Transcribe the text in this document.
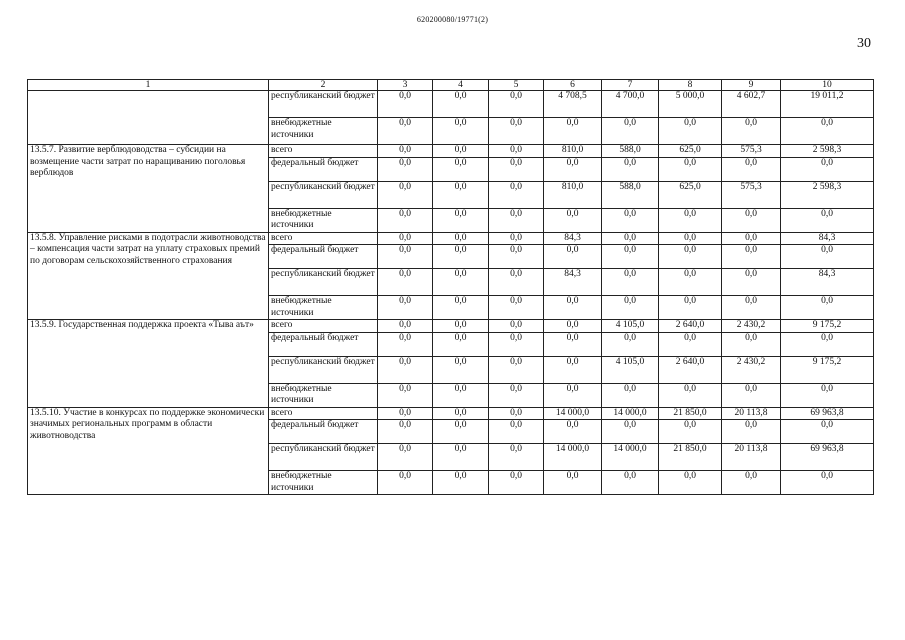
620200080/19771(2)
30
1	2	3	4	5	6	7	8	9	10
	республиканский бюджет	0,0	0,0	0,0	4 708,5	4 700,0	5 000,0	4 602,7	19 011,2
	внебюджетные источники	0,0	0,0	0,0	0,0	0,0	0,0	0,0	0,0
13.5.7. Развитие верблюдоводства – субсидии на возмещение части затрат по наращиванию поголовья верблюдов	всего	0,0	0,0	0,0	810,0	588,0	625,0	575,3	2 598,3
	федеральный бюджет	0,0	0,0	0,0	0,0	0,0	0,0	0,0	0,0
	республиканский бюджет	0,0	0,0	0,0	810,0	588,0	625,0	575,3	2 598,3
	внебюджетные источники	0,0	0,0	0,0	0,0	0,0	0,0	0,0	0,0
13.5.8. Управление рисками в подотрасли животноводства – компенсация части затрат на уплату страховых премий по договорам сельскохозяйственного страхования	всего	0,0	0,0	0,0	84,3	0,0	0,0	0,0	84,3
	федеральный бюджет	0,0	0,0	0,0	0,0	0,0	0,0	0,0	0,0
	республиканский бюджет	0,0	0,0	0,0	84,3	0,0	0,0	0,0	84,3
	внебюджетные источники	0,0	0,0	0,0	0,0	0,0	0,0	0,0	0,0
13.5.9. Государственная поддержка проекта «Тыва аът»	всего	0,0	0,0	0,0	0,0	4 105,0	2 640,0	2 430,2	9 175,2
	федеральный бюджет	0,0	0,0	0,0	0,0	0,0	0,0	0,0	0,0
	республиканский бюджет	0,0	0,0	0,0	0,0	4 105,0	2 640,0	2 430,2	9 175,2
	внебюджетные источники	0,0	0,0	0,0	0,0	0,0	0,0	0,0	0,0
13.5.10. Участие в конкурсах по поддержке экономически значимых региональных программ в области животноводства	всего	0,0	0,0	0,0	14 000,0	14 000,0	21 850,0	20 113,8	69 963,8
	федеральный бюджет	0,0	0,0	0,0	0,0	0,0	0,0	0,0	0,0
	республиканский бюджет	0,0	0,0	0,0	14 000,0	14 000,0	21 850,0	20 113,8	69 963,8
	внебюджетные источники	0,0	0,0	0,0	0,0	0,0	0,0	0,0	0,0
